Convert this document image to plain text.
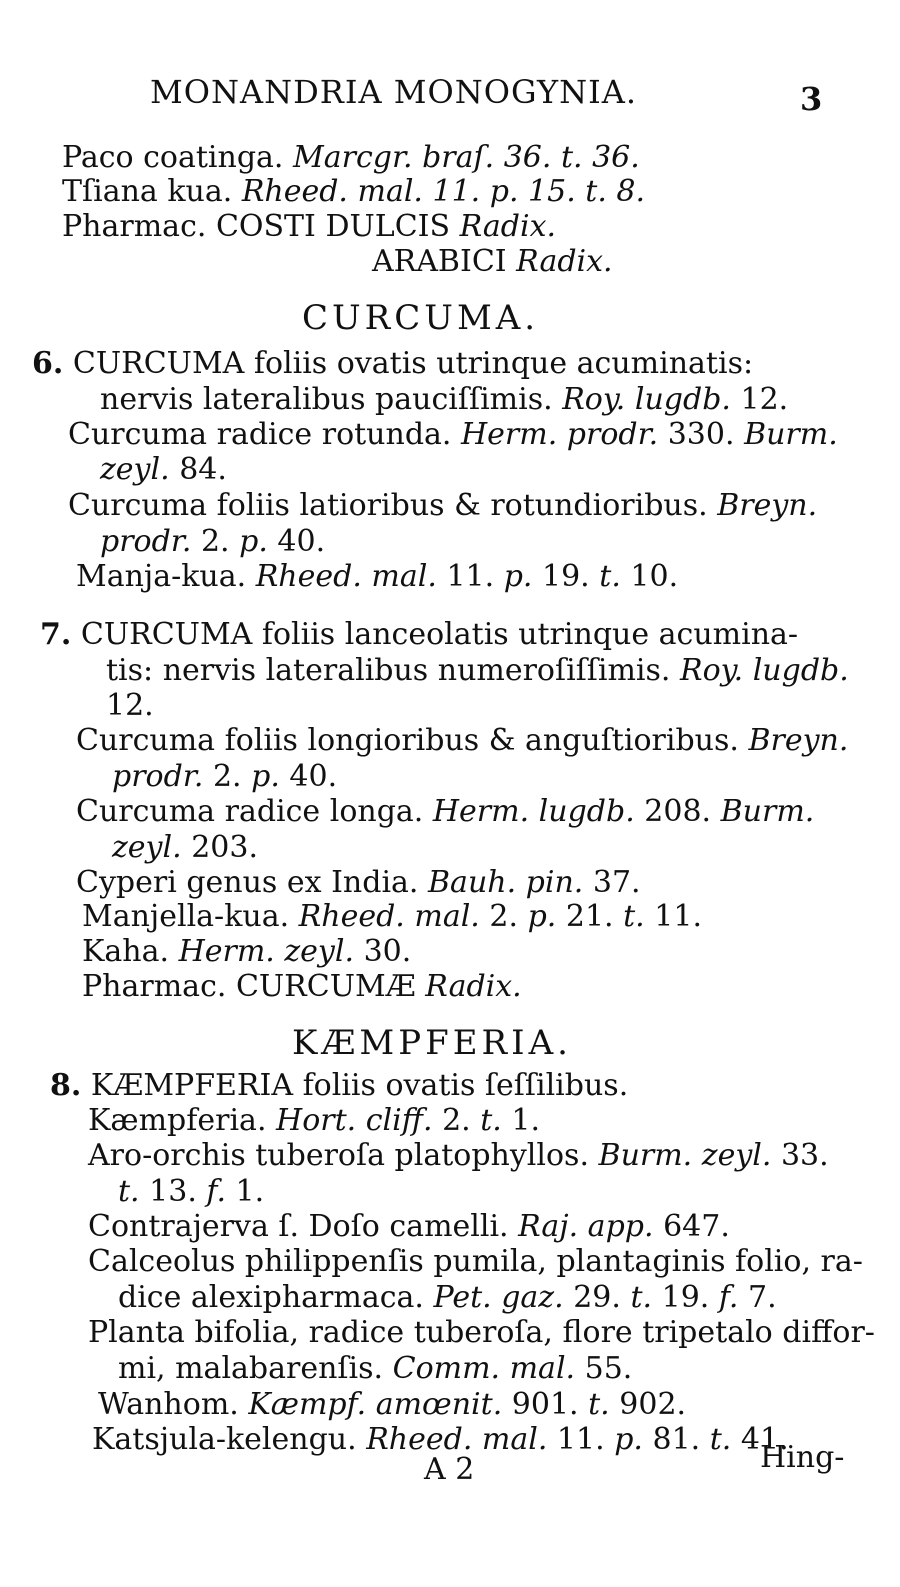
MONANDRIA MONOGYNIA.	3
Paco coatinga. Marcgr. braſ. 36. t. 36.
Tſiana kua. Rheed. mal. 11. p. 15. t. 8.
Pharmac. COSTI DULCIS Radix.
ARABICI Radix.
CURCUMA.
6. CURCUMA foliis ovatis utrinque acuminatis:
nervis lateralibus pauciſſimis. Roy. lugdb. 12.
Curcuma radice rotunda. Herm. prodr. 330. Burm.
zeyl. 84.
Curcuma foliis latioribus & rotundioribus. Breyn.
prodr. 2. p. 40.
Manja-kua. Rheed. mal. 11. p. 19. t. 10.
7. CURCUMA foliis lanceolatis utrinque acumina-
tis: nervis lateralibus numeroſiſſimis. Roy. lugdb.
12.
Curcuma foliis longioribus & anguſtioribus. Breyn.
prodr. 2. p. 40.
Curcuma radice longa. Herm. lugdb. 208. Burm.
zeyl. 203.
Cyperi genus ex India. Bauh. pin. 37.
Manjella-kua. Rheed. mal. 2. p. 21. t. 11.
Kaha. Herm. zeyl. 30.
Pharmac. CURCUMÆ Radix.
KÆMPFERIA.
8. KÆMPFERIA foliis ovatis ſeſſilibus.
Kæmpferia. Hort. cliff. 2. t. 1.
Aro-orchis tuberoſa platophyllos. Burm. zeyl. 33.
t. 13. f. 1.
Contrajerva ſ. Doſo camelli. Raj. app. 647.
Calceolus philippenſis pumila, plantaginis folio, ra-
dice alexipharmaca. Pet. gaz. 29. t. 19. f. 7.
Planta bifolia, radice tuberoſa, flore tripetalo diffor-
mi, malabarenſis. Comm. mal. 55.
Wanhom. Kæmpf. amœnit. 901. t. 902.
Katsjula-kelengu. Rheed. mal. 11. p. 81. t. 41.
A 2	Hing-
